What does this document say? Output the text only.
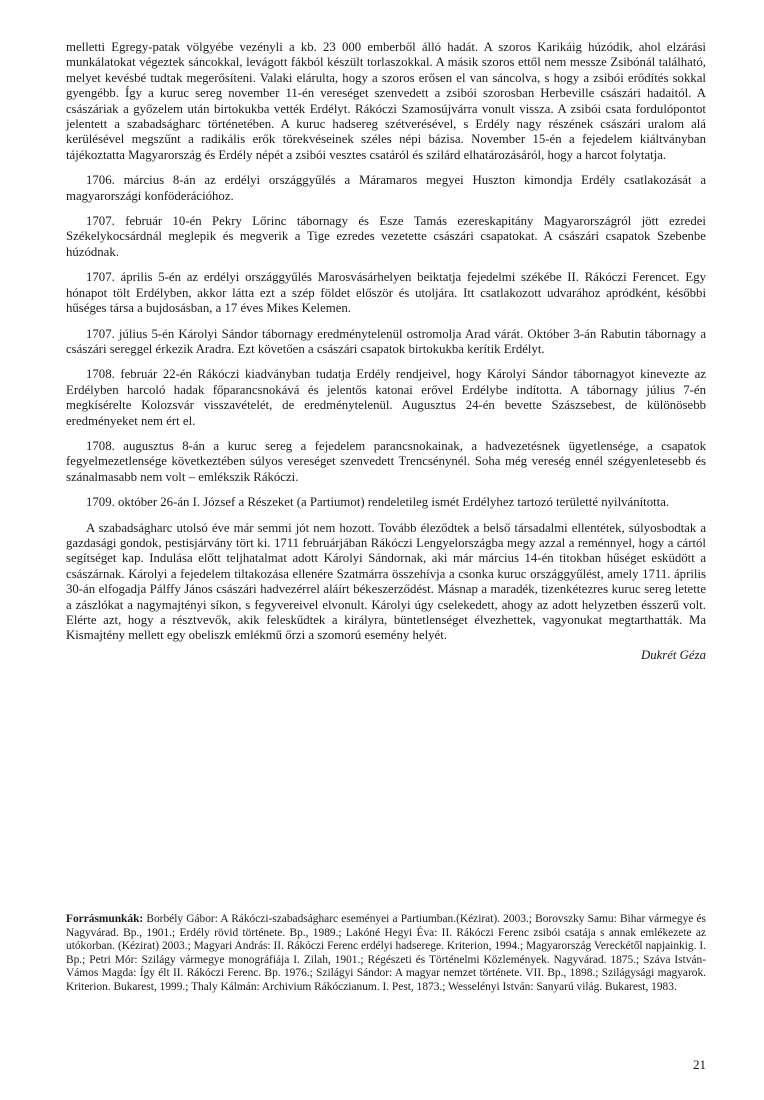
melletti Egregy-patak völgyébe vezényli a kb. 23 000 emberből álló hadát. A szoros Karikáig húzódik, ahol elzárási munkálatokat végeztek sáncokkal, levágott fákból készült torlaszokkal. A másik szoros ettől nem messze Zsibónál található, melyet kevésbé tudtak megerősíteni. Valaki elárulta, hogy a szoros erősen el van sáncolva, s hogy a zsibói erődítés sokkal gyengébb. Így a kuruc sereg november 11-én vereséget szenvedett a zsibói szorosban Herbeville császári hadaitól. A császáriak a győzelem után birtokukba vették Erdélyt. Rákóczi Szamosújvárra vonult vissza. A zsibói csata fordulópontot jelentett a szabadságharc történetében. A kuruc hadsereg szétverésével, s Erdély nagy részének császári uralom alá kerülésével megszűnt a radikális erők törekvéseinek széles népi bázisa. November 15-én a fejedelem kiáltványban tájékoztatta Magyarország és Erdély népét a zsibói vesztes csatáról és szilárd elhatározásáról, hogy a harcot folytatja.

1706. március 8-án az erdélyi országgyűlés a Máramaros megyei Huszton kimondja Erdély csatlakozását a magyarországi konföderációhoz.

1707. február 10-én Pekry Lőrinc tábornagy és Esze Tamás ezereskapitány Magyarországról jött ezredei Székelykocsárdnál meglepik és megverik a Tige ezredes vezetette császári csapatokat. A császári csapatok Szebenbe húzódnak.

1707. április 5-én az erdélyi országgyűlés Marosvásárhelyen beiktatja fejedelmi székébe II. Rákóczi Ferencet. Egy hónapot tölt Erdélyben, akkor látta ezt a szép földet először és utoljára. Itt csatlakozott udvarához apródként, későbbi hűséges társa a bujdosásban, a 17 éves Mikes Kelemen.

1707. július 5-én Károlyi Sándor tábornagy eredménytelenül ostromolja Arad várát. Október 3-án Rabutin tábornagy a császári sereggel érkezik Aradra. Ezt követően a császári csapatok birtokukba kerítik Erdélyt.

1708. február 22-én Rákóczi kiadványban tudatja Erdély rendjeivel, hogy Károlyi Sándor tábornagyot kinevezte az Erdélyben harcoló hadak főparancsnokává és jelentős katonai erővel Erdélybe indította. A tábornagy július 7-én megkísérelte Kolozsvár visszavételét, de eredménytelenül. Augusztus 24-én bevette Szászsebest, de különösebb eredményeket nem ért el.

1708. augusztus 8-án a kuruc sereg a fejedelem parancsnokainak, a hadvezetésnek ügyetlensége, a csapatok fegyelmezetlensége következtében súlyos vereséget szenvedett Trencsénynél. Soha még vereség ennél szégyenletesebb és szánalmasabb nem volt – emlékszik Rákóczi.

1709. október 26-án I. József a Részeket (a Partiumot) rendeletileg ismét Erdélyhez tartozó területté nyilvánította.

A szabadságharc utolsó éve már semmi jót nem hozott. Tovább éleződtek a belső társadalmi ellentétek, súlyosbodtak a gazdasági gondok, pestisjárvány tört ki. 1711 februárjában Rákóczi Lengyelországba megy azzal a reménnyel, hogy a cártól segítséget kap. Indulása előtt teljhatalmat adott Károlyi Sándornak, aki már március 14-én titokban hűséget esküdött a császárnak. Károlyi a fejedelem tiltakozása ellenére Szatmárra összehívja a csonka kuruc országgyűlést, amely 1711. április 30-án elfogadja Pálffy János császári hadvezérrel aláírt békeszerződést. Másnap a maradék, tizenkétezres kuruc sereg letette a zászlókat a nagymajtényi síkon, s fegyvereivel elvonult. Károlyi úgy cselekedett, ahogy az adott helyzetben ésszerű volt. Elérte azt, hogy a résztvevők, akik feleskűdtek a királyra, büntetlenséget élvezhettek, vagyonukat megtarthatták. Ma Kismajtény mellett egy obeliszk emlékmű őrzi a szomorú esemény helyét.

Dukrét Géza

Forrásmunkák: Borbély Gábor: A Rákóczi-szabadságharc eseményei a Partiumban.(Kézirat). 2003.; Borovszky Samu: Bihar vármegye és Nagyvárad. Bp., 1901.; Erdély rövid története. Bp., 1989.; Lakóné Hegyi Éva: II. Rákóczi Ferenc zsibói csatája s annak emlékezete az utókorban. (Kézirat) 2003.; Magyari András: II. Rákóczi Ferenc erdélyi hadserege. Kriterion, 1994.; Magyarország Vereckétől napjainkig. I. Bp.; Petri Mór: Szilágy vármegye monográfiája I. Zilah, 1901.; Régészeti és Történelmi Közlemények. Nagyvárad. 1875.; Száva István- Vámos Magda: Így élt II. Rákóczi Ferenc. Bp. 1976.; Szilágyi Sándor: A magyar nemzet története. VII. Bp., 1898.; Szilágysági magyarok. Kriterion. Bukarest, 1999.; Thaly Kálmán: Archivium Rákóczianum. I. Pest, 1873.; Wesselényi István: Sanyarú világ. Bukarest, 1983.

21
